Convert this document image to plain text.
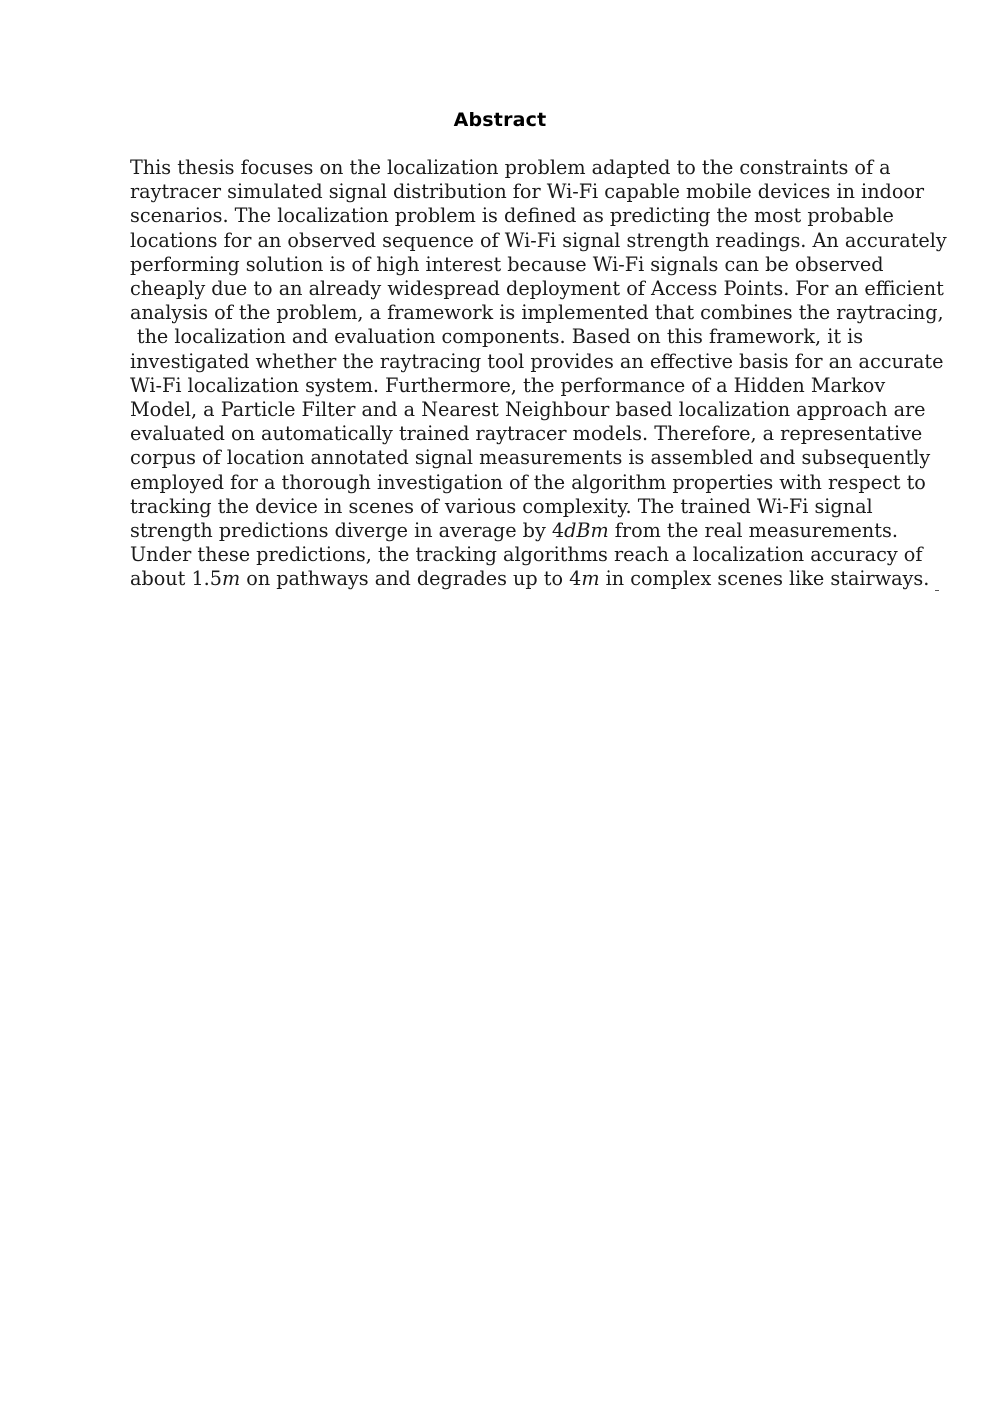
Abstract
This thesis focuses on the localization problem adapted to the constraints of a
raytracer simulated signal distribution for Wi-Fi capable mobile devices in indoor
scenarios. The localization problem is defined as predicting the most probable
locations for an observed sequence of Wi-Fi signal strength readings. An accurately
performing solution is of high interest because Wi-Fi signals can be observed
cheaply due to an already widespread deployment of Access Points. For an efficient
analysis of the problem, a framework is implemented that combines the raytracing,
the localization and evaluation components. Based on this framework, it is
investigated whether the raytracing tool provides an effective basis for an accurate
Wi-Fi localization system. Furthermore, the performance of a Hidden Markov
Model, a Particle Filter and a Nearest Neighbour based localization approach are
evaluated on automatically trained raytracer models. Therefore, a representative
corpus of location annotated signal measurements is assembled and subsequently
employed for a thorough investigation of the algorithm properties with respect to
tracking the device in scenes of various complexity. The trained Wi-Fi signal
strength predictions diverge in average by 4dBm from the real measurements.
Under these predictions, the tracking algorithms reach a localization accuracy of
about 1.5m on pathways and degrades up to 4m in complex scenes like stairways.
